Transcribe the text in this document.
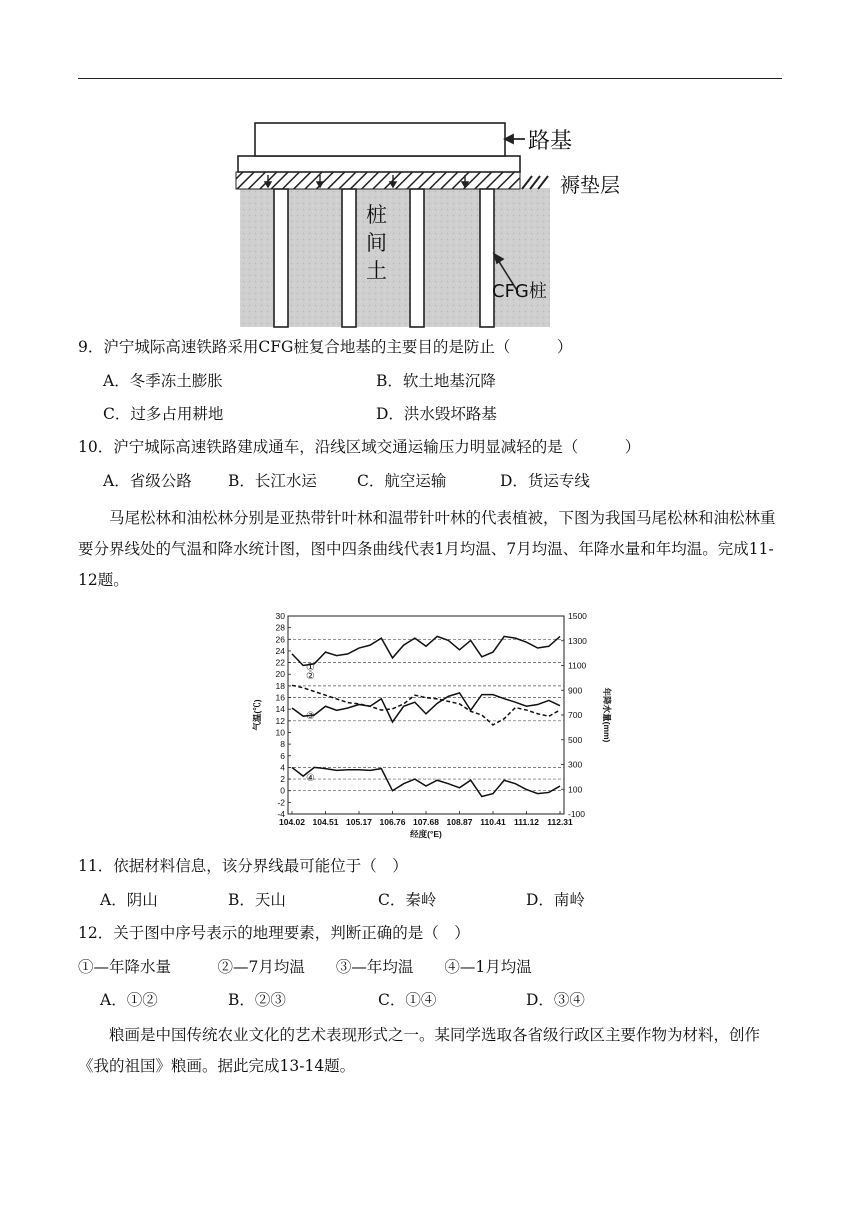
路基
褥垫层
桩
间
土
CFG桩
9．沪宁城际高速铁路采用CFG桩复合地基的主要目的是防止（　　　）
A．冬季冻土膨胀	B．软土地基沉降
C．过多占用耕地	D．洪水毁坏路基
10．沪宁城际高速铁路建成通车，沿线区域交通运输压力明显减轻的是（　　　）
A．省级公路 B．长江水运	C．航空运输	D．货运专线
马尾松林和油松林分别是亚热带针叶林和温带针叶林的代表植被，下图为我国马尾松林和油松林重要分界线处的气温和降水统计图，图中四条曲线代表1月均温、7月均温、年降水量和年均温。完成11-12题。
-4
-2
0
2
4
6
8
10
12
14
16
18
20
22
24
26
28
30
-100
100
300
500
700
900
1100
1300
1500
104.02 104.51 105.17 106.76 107.68 108.87 110.41 111.12 112.31
经度(°E)
气温(℃)	年降水量(mm)
①
②
③
④
11．依据材料信息，该分界线最可能位于（　）
A．阴山	B．天山	C．秦岭	D．南岭
12．关于图中序号表示的地理要素，判断正确的是（　）
①—年降水量　　　②—7月均温　　③—年均温　　④—1月均温
A．①②	B．②③	C．①④	D．③④
粮画是中国传统农业文化的艺术表现形式之一。某同学选取各省级行政区主要作物为材料，创作《我的祖国》粮画。据此完成13-14题。
